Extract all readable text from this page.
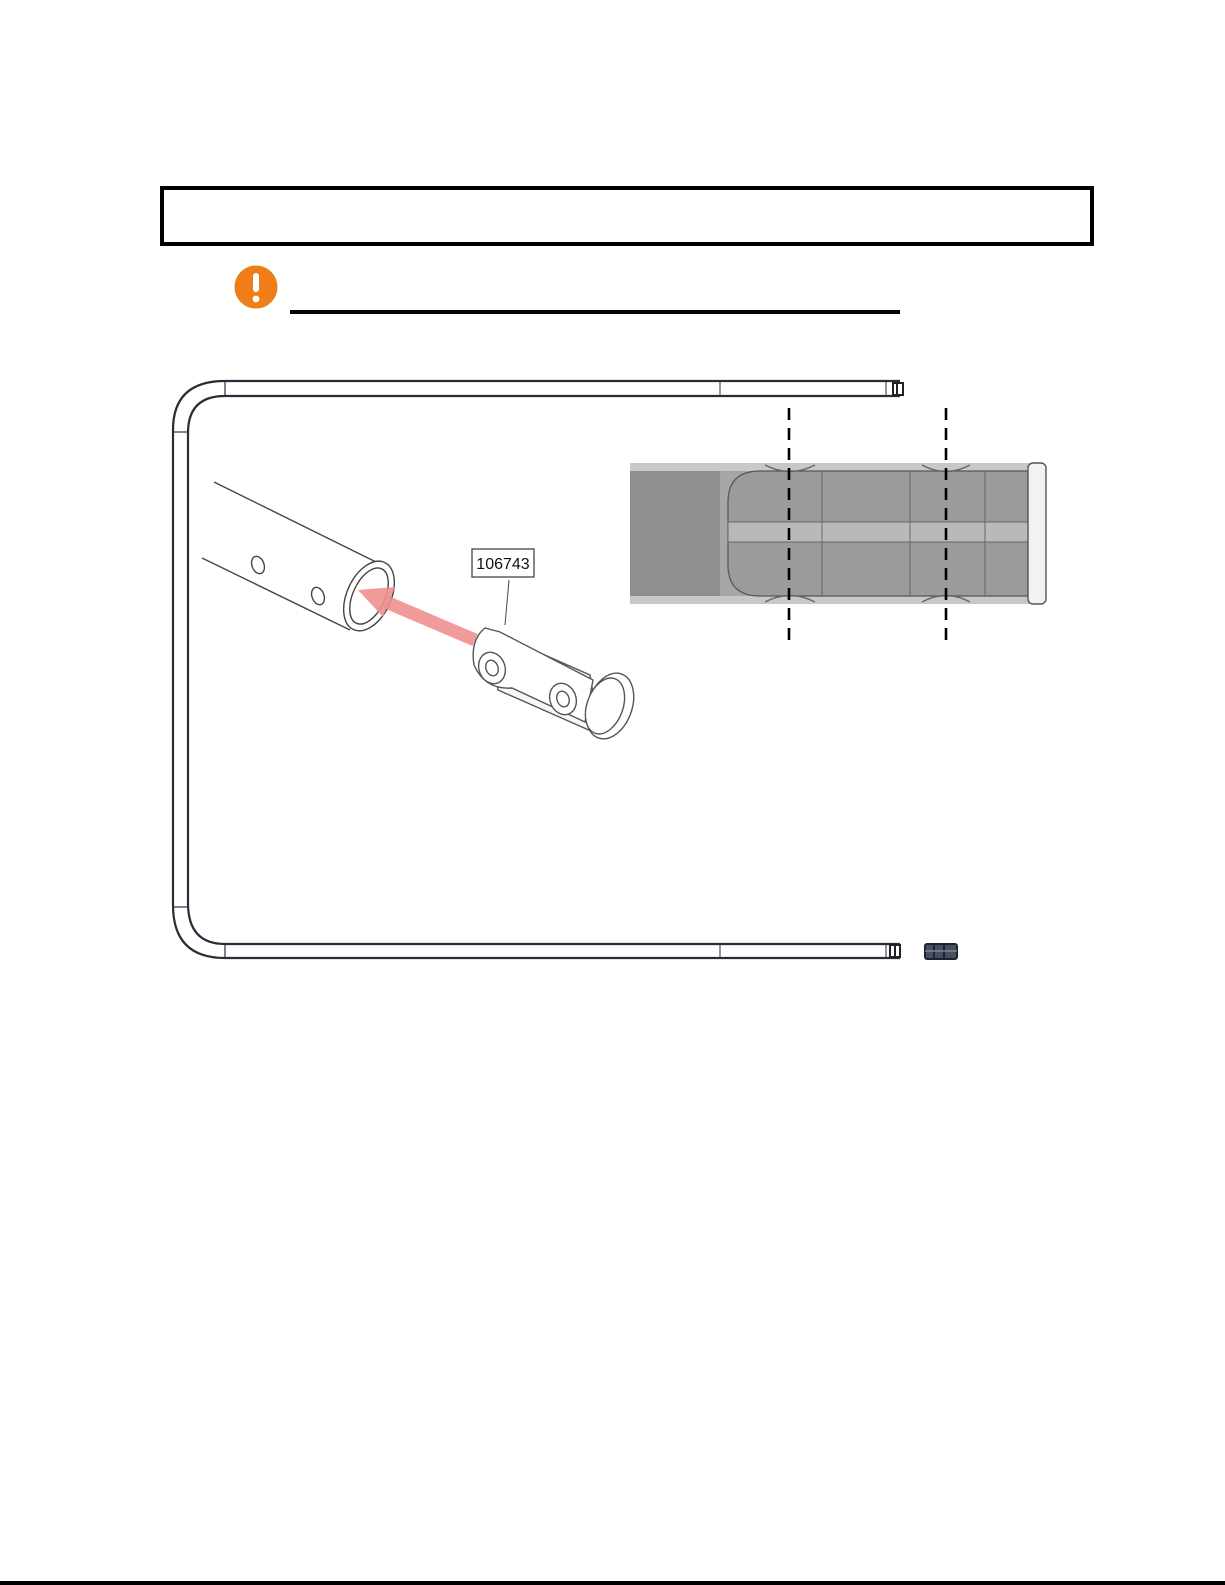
106743
